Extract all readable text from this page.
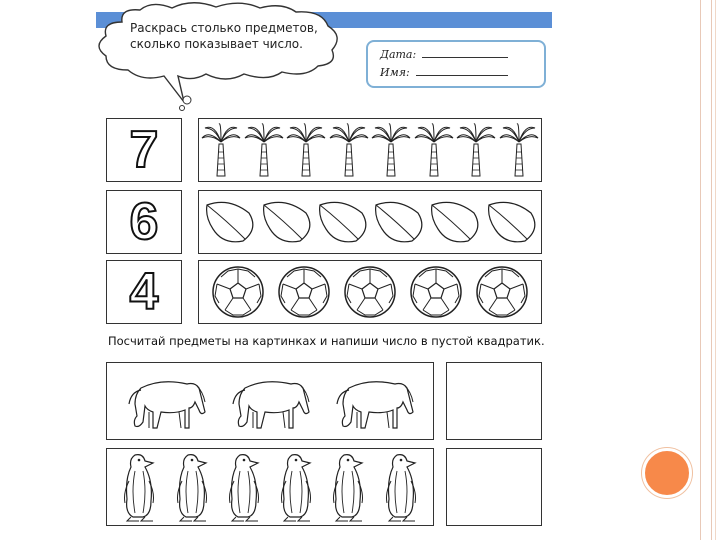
Раскрась столько предметов,
сколько показывает число.
Дата:
Имя:
7
6
4
Посчитай предметы на картинках и напиши число в пустой квадратик.
